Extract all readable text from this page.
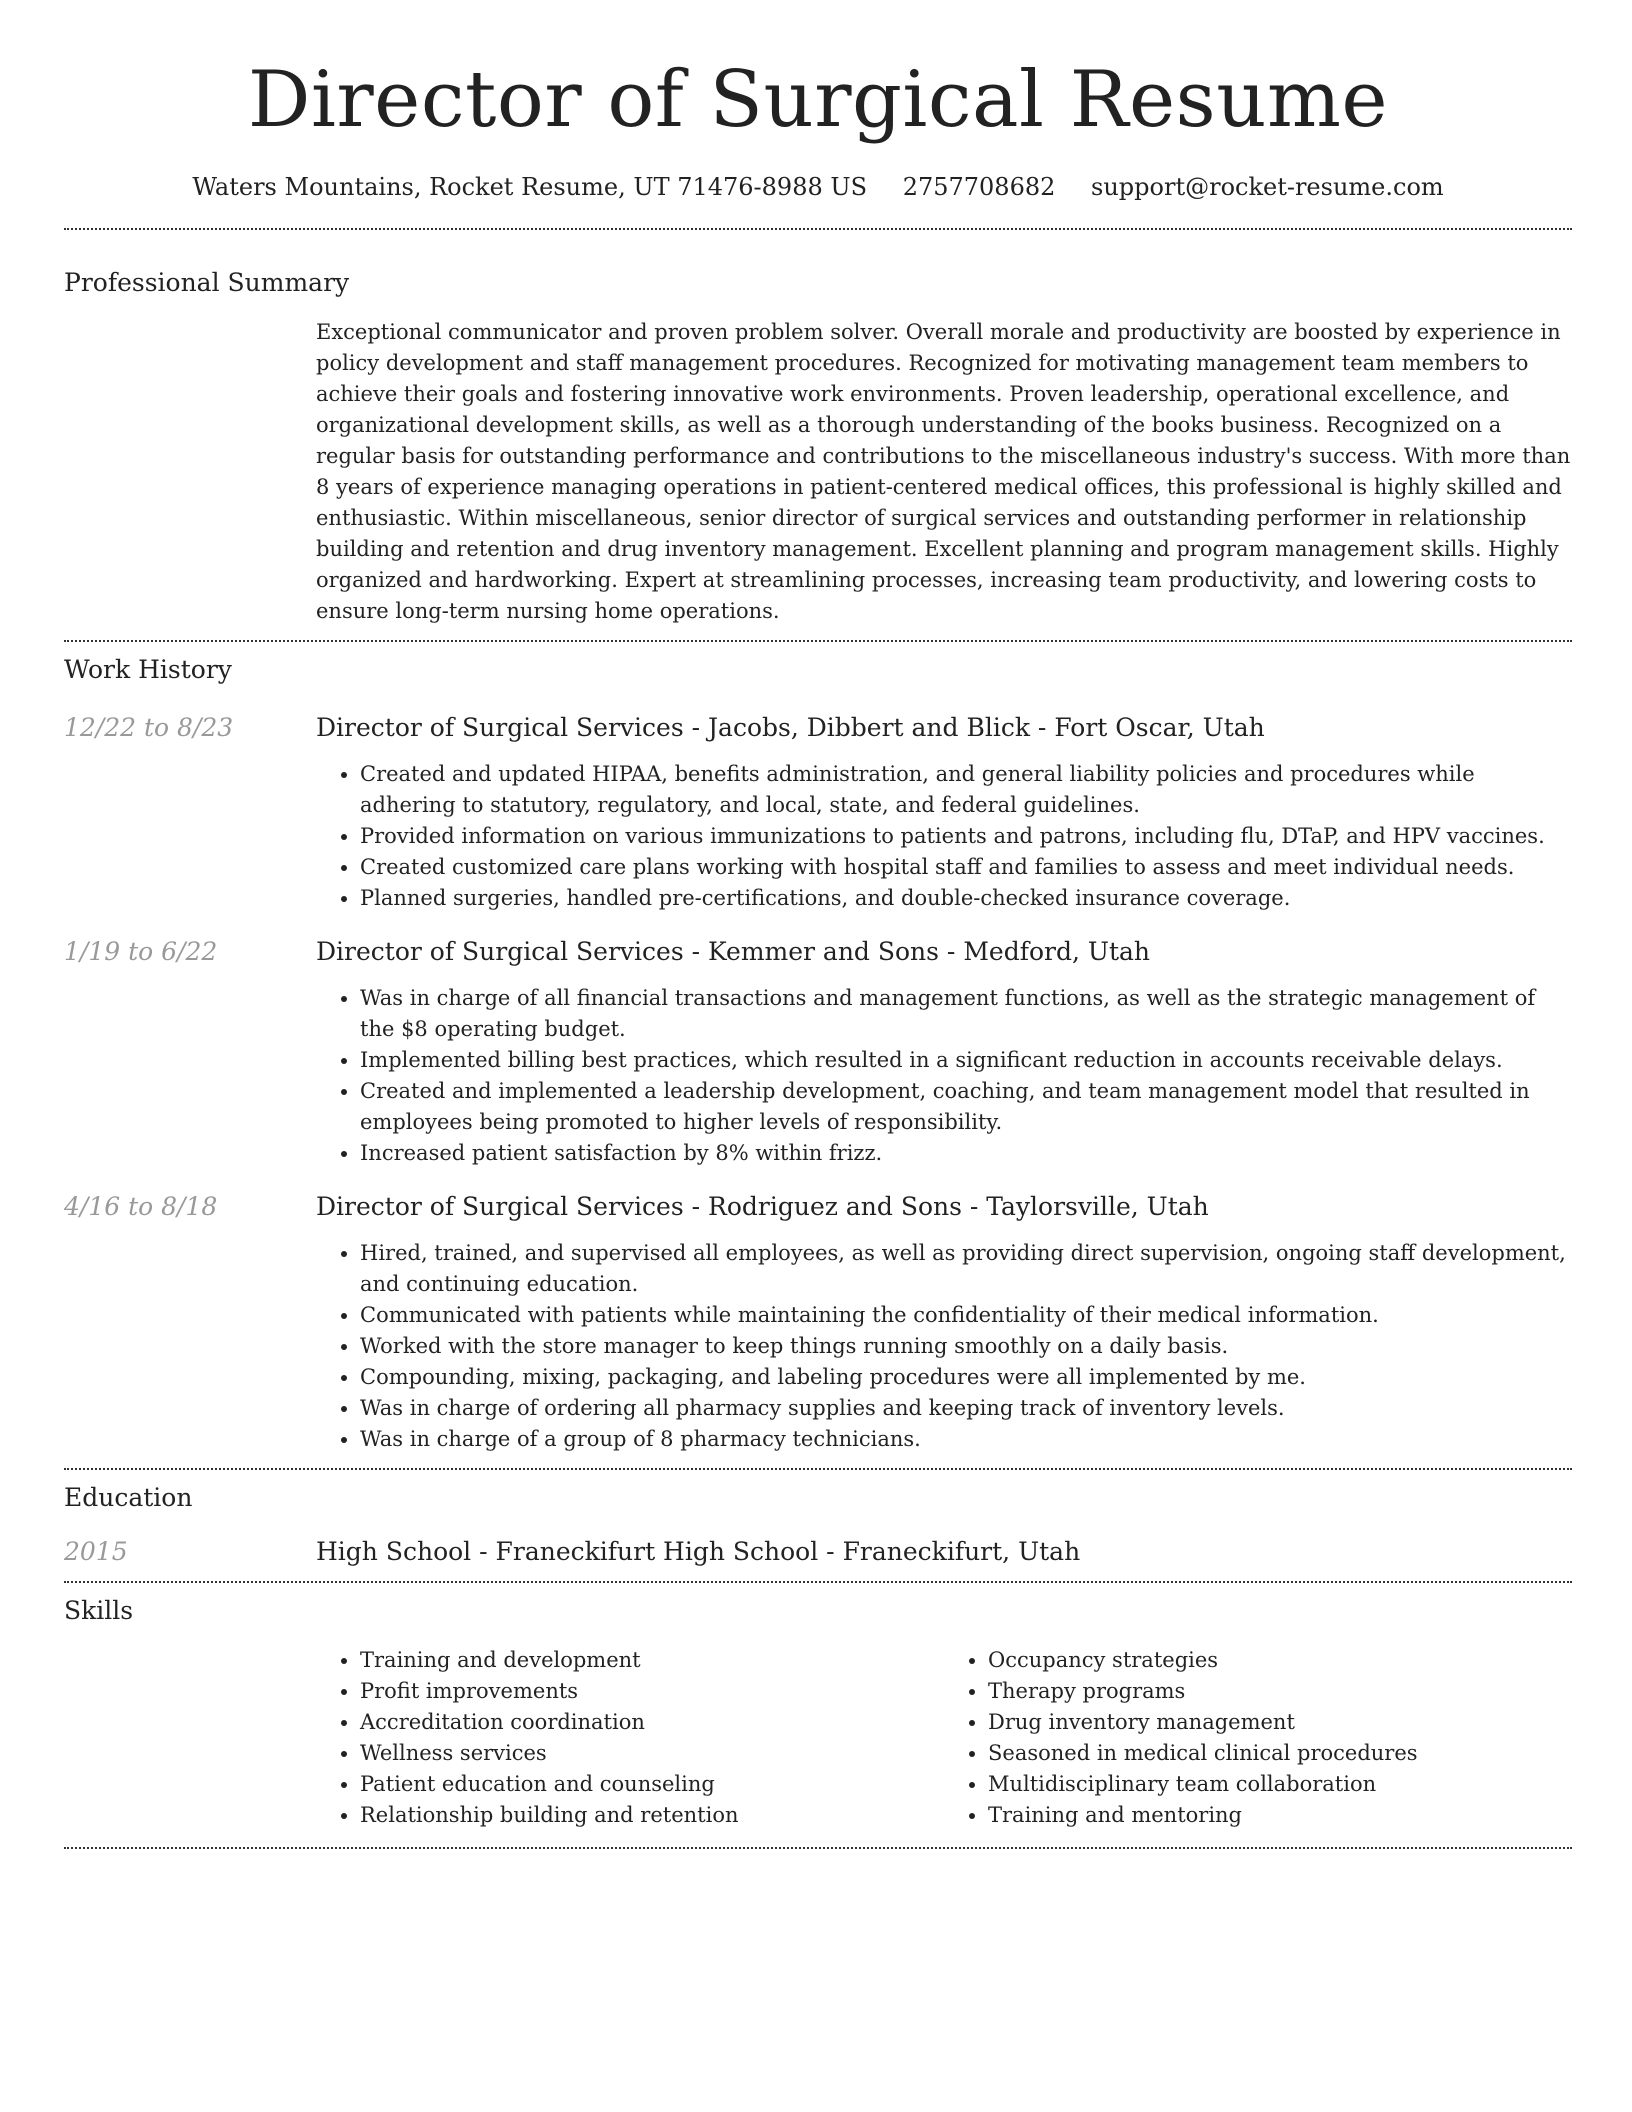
Director of Surgical Resume
Waters Mountains, Rocket Resume, UT 71476-8988 US 2757708682 support@rocket-resume.com
Professional Summary
Exceptional communicator and proven problem solver. Overall morale and productivity are boosted by experience in policy development and staff management procedures. Recognized for motivating management team members to achieve their goals and fostering innovative work environments. Proven leadership, operational excellence, and organizational development skills, as well as a thorough understanding of the books business. Recognized on a regular basis for outstanding performance and contributions to the miscellaneous industry's success. With more than 8 years of experience managing operations in patient-centered medical offices, this professional is highly skilled and enthusiastic. Within miscellaneous, senior director of surgical services and outstanding performer in relationship building and retention and drug inventory management. Excellent planning and program management skills. Highly organized and hardworking. Expert at streamlining processes, increasing team productivity, and lowering costs to ensure long-term nursing home operations.
Work History
12/22 to 8/23	Director of Surgical Services - Jacobs, Dibbert and Blick - Fort Oscar, Utah
• Created and updated HIPAA, benefits administration, and general liability policies and procedures while adhering to statutory, regulatory, and local, state, and federal guidelines.
• Provided information on various immunizations to patients and patrons, including flu, DTaP, and HPV vaccines.
• Created customized care plans working with hospital staff and families to assess and meet individual needs.
• Planned surgeries, handled pre-certifications, and double-checked insurance coverage.
1/19 to 6/22	Director of Surgical Services - Kemmer and Sons - Medford, Utah
• Was in charge of all financial transactions and management functions, as well as the strategic management of the $8 operating budget.
• Implemented billing best practices, which resulted in a significant reduction in accounts receivable delays.
• Created and implemented a leadership development, coaching, and team management model that resulted in employees being promoted to higher levels of responsibility.
• Increased patient satisfaction by 8% within frizz.
4/16 to 8/18	Director of Surgical Services - Rodriguez and Sons - Taylorsville, Utah
• Hired, trained, and supervised all employees, as well as providing direct supervision, ongoing staff development, and continuing education.
• Communicated with patients while maintaining the confidentiality of their medical information.
• Worked with the store manager to keep things running smoothly on a daily basis.
• Compounding, mixing, packaging, and labeling procedures were all implemented by me.
• Was in charge of ordering all pharmacy supplies and keeping track of inventory levels.
• Was in charge of a group of 8 pharmacy technicians.
Education
2015	High School - Franeckifurt High School - Franeckifurt, Utah
Skills
• Training and development
• Profit improvements
• Accreditation coordination
• Wellness services
• Patient education and counseling
• Relationship building and retention
• Occupancy strategies
• Therapy programs
• Drug inventory management
• Seasoned in medical clinical procedures
• Multidisciplinary team collaboration
• Training and mentoring
